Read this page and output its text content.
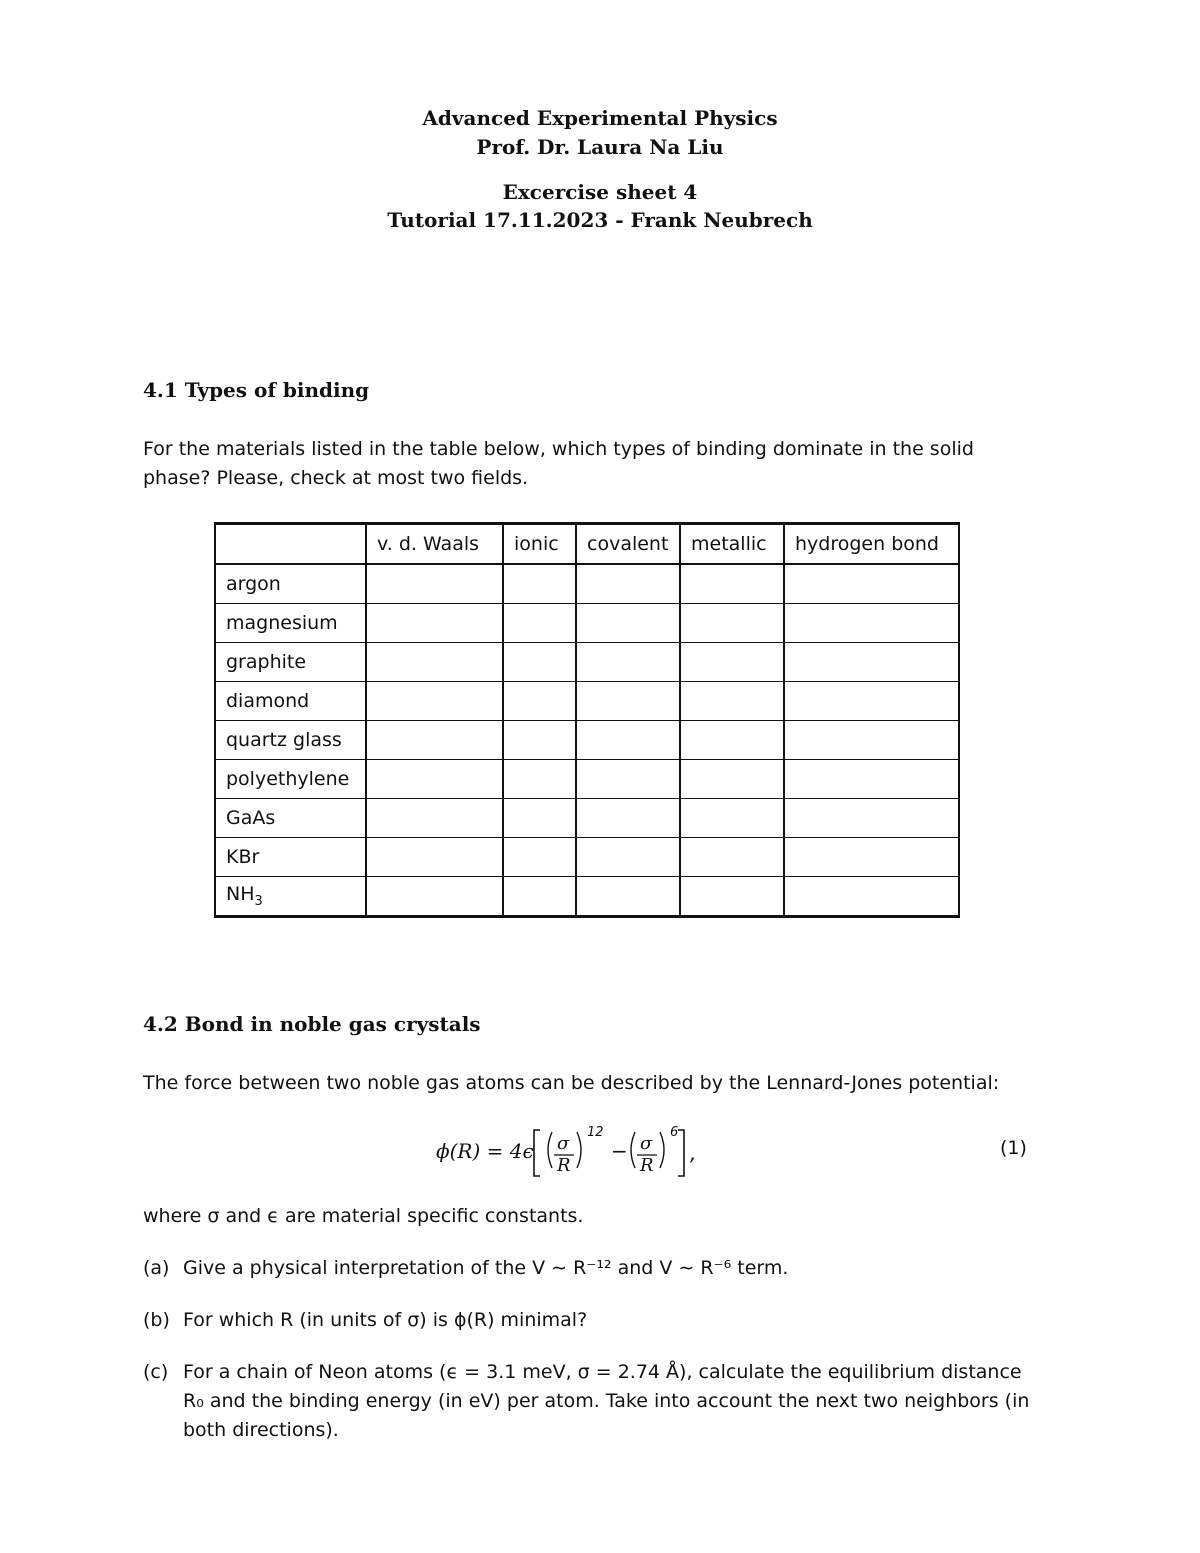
Advanced Experimental Physics
Prof. Dr. Laura Na Liu
Excercise sheet 4
Tutorial 17.11.2023 - Frank Neubrech
4.1 Types of binding
For the materials listed in the table below, which types of binding dominate in the solid phase? Please, check at most two fields.
	v. d. Waals	ionic	covalent	metallic	hydrogen bond
argon					
magnesium					
graphite					
diamond					
quartz glass					
polyethylene					
GaAs					
KBr					
$NH_3$					
4.2 Bond in noble gas crystals
The force between two noble gas atoms can be described by the Lennard-Jones potential:
ϕ(R) = 4ϵ σ
R
12
− σ
R
6
,	(1)
where σ and ϵ are material specific constants.
(a) Give a physical interpretation of the V ∼ R⁻¹² and V ∼ R⁻⁶ term.
(b) For which R (in units of σ) is ϕ(R) minimal?
(c) For a chain of Neon atoms (ϵ = 3.1 meV, σ = 2.74 Å), calculate the equilibrium distance R₀ and the binding energy (in eV) per atom. Take into account the next two neighbors (in both directions).
